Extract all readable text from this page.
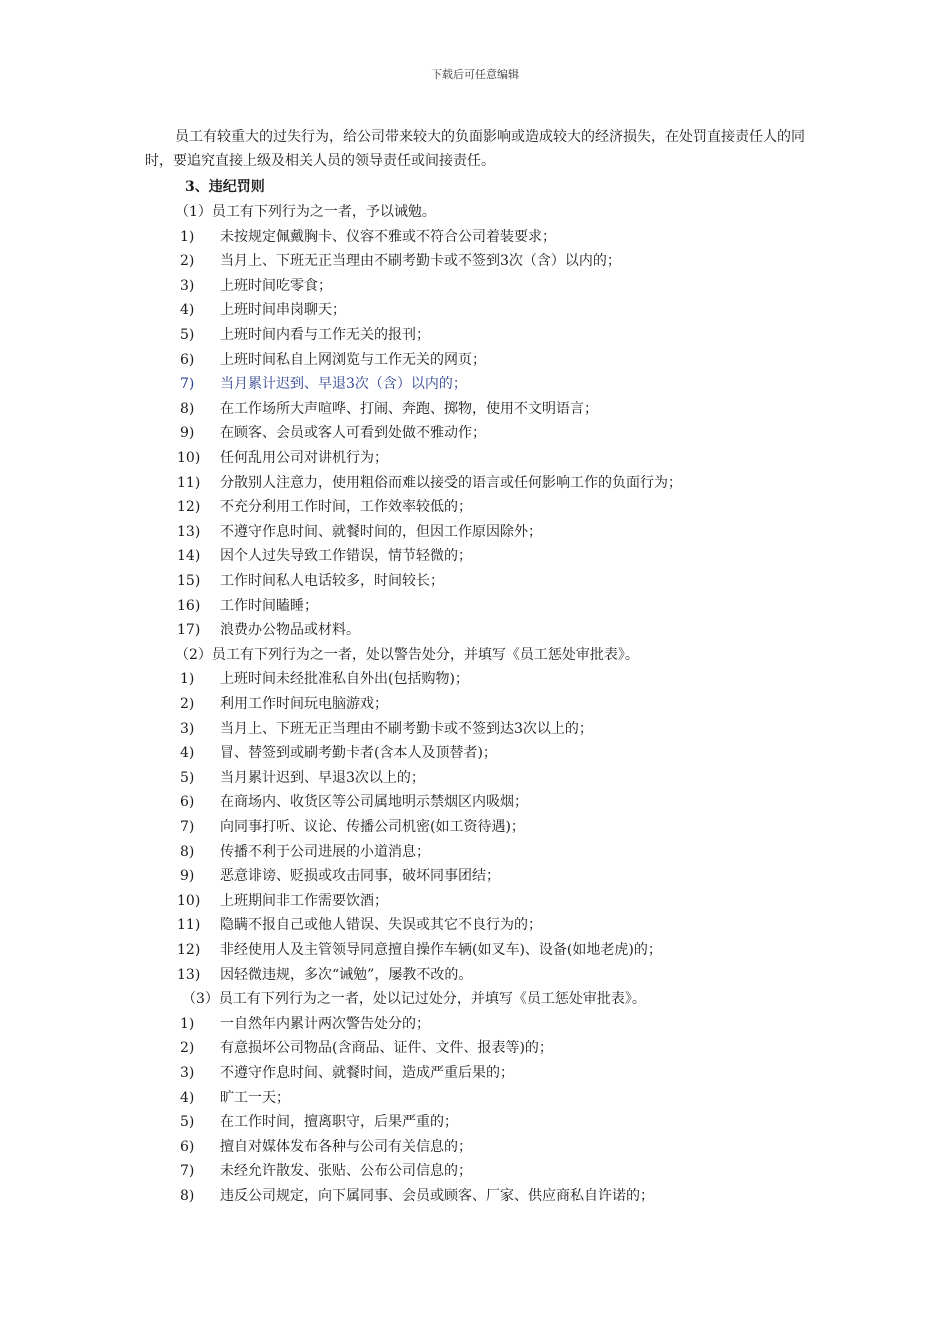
下载后可任意编辑
员工有较重大的过失行为，给公司带来较大的负面影响或造成较大的经济损失，在处罚直接责任人的同时，要追究直接上级及相关人员的领导责任或间接责任。
3、违纪罚则
（1）员工有下列行为之一者，予以诫勉。
1)	未按规定佩戴胸卡、仪容不雅或不符合公司着装要求；
2)	当月上、下班无正当理由不刷考勤卡或不签到3次（含）以内的；
3)	上班时间吃零食；
4)	上班时间串岗聊天；
5)	上班时间内看与工作无关的报刊；
6)	上班时间私自上网浏览与工作无关的网页；
7)	当月累计迟到、早退3次（含）以内的；
8)	在工作场所大声喧哗、打闹、奔跑、掷物，使用不文明语言；
9)	在顾客、会员或客人可看到处做不雅动作；
10)	任何乱用公司对讲机行为；
11)	分散别人注意力，使用粗俗而难以接受的语言或任何影响工作的负面行为；
12)	不充分利用工作时间，工作效率较低的；
13)	不遵守作息时间、就餐时间的，但因工作原因除外；
14)	因个人过失导致工作错误，情节轻微的；
15)	工作时间私人电话较多，时间较长；
16)	工作时间瞌睡；
17)	浪费办公物品或材料。
（2）员工有下列行为之一者，处以警告处分，并填写《员工惩处审批表》。
1)	上班时间未经批准私自外出(包括购物)；
2)	利用工作时间玩电脑游戏；
3)	当月上、下班无正当理由不刷考勤卡或不签到达3次以上的；
4)	冒、替签到或刷考勤卡者(含本人及顶替者)；
5)	当月累计迟到、早退3次以上的；
6)	在商场内、收货区等公司属地明示禁烟区内吸烟；
7)	向同事打听、议论、传播公司机密(如工资待遇)；
8)	传播不利于公司进展的小道消息；
9)	恶意诽谤、贬损或攻击同事，破坏同事团结；
10)	上班期间非工作需要饮酒；
11)	隐瞒不报自己或他人错误、失误或其它不良行为的；
12)	非经使用人及主管领导同意擅自操作车辆(如叉车)、设备(如地老虎)的；
13)	因轻微违规，多次“诫勉”，屡教不改的。
（3）员工有下列行为之一者，处以记过处分，并填写《员工惩处审批表》。
1)	一自然年内累计两次警告处分的；
2)	有意损坏公司物品(含商品、证件、文件、报表等)的；
3)	不遵守作息时间、就餐时间，造成严重后果的；
4)	旷工一天；
5)	在工作时间，擅离职守，后果严重的；
6)	擅自对媒体发布各种与公司有关信息的；
7)	未经允许散发、张贴、公布公司信息的；
8)	违反公司规定，向下属同事、会员或顾客、厂家、供应商私自许诺的；
